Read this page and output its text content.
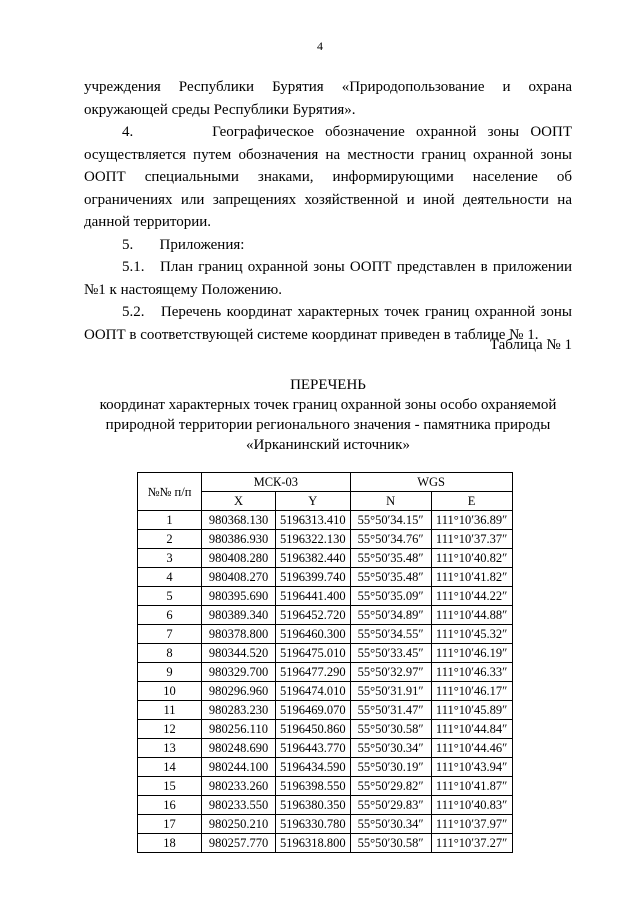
4

учреждения Республики Бурятия «Природопользование и охрана окружающей среды Республики Бурятия».

4.       Географическое обозначение охранной зоны ООПТ осуществляется путем обозначения на местности границ охранной зоны ООПТ специальными знаками, информирующими население об ограничениях или запрещениях хозяйственной и иной деятельности на данной территории.

5.       Приложения:

5.1.   План границ охранной зоны ООПТ представлен в приложении №1 к настоящему Положению.

5.2.   Перечень координат характерных точек границ охранной зоны ООПТ в соответствующей системе координат приведен в таблице № 1.

Таблица № 1
ПЕРЕЧЕНЬ
координат характерных точек границ охранной зоны особо охраняемой природной территории регионального значения - памятника природы «Ирканинский источник»
№№ п/п	МСК-03		WGS	
	X	Y	N	E
1	980368.130	5196313.410	55°50′34.15″	111°10′36.89″
2	980386.930	5196322.130	55°50′34.76″	111°10′37.37″
3	980408.280	5196382.440	55°50′35.48″	111°10′40.82″
4	980408.270	5196399.740	55°50′35.48″	111°10′41.82″
5	980395.690	5196441.400	55°50′35.09″	111°10′44.22″
6	980389.340	5196452.720	55°50′34.89″	111°10′44.88″
7	980378.800	5196460.300	55°50′34.55″	111°10′45.32″
8	980344.520	5196475.010	55°50′33.45″	111°10′46.19″
9	980329.700	5196477.290	55°50′32.97″	111°10′46.33″
10	980296.960	5196474.010	55°50′31.91″	111°10′46.17″
11	980283.230	5196469.070	55°50′31.47″	111°10′45.89″
12	980256.110	5196450.860	55°50′30.58″	111°10′44.84″
13	980248.690	5196443.770	55°50′30.34″	111°10′44.46″
14	980244.100	5196434.590	55°50′30.19″	111°10′43.94″
15	980233.260	5196398.550	55°50′29.82″	111°10′41.87″
16	980233.550	5196380.350	55°50′29.83″	111°10′40.83″
17	980250.210	5196330.780	55°50′30.34″	111°10′37.97″
18	980257.770	5196318.800	55°50′30.58″	111°10′37.27″
